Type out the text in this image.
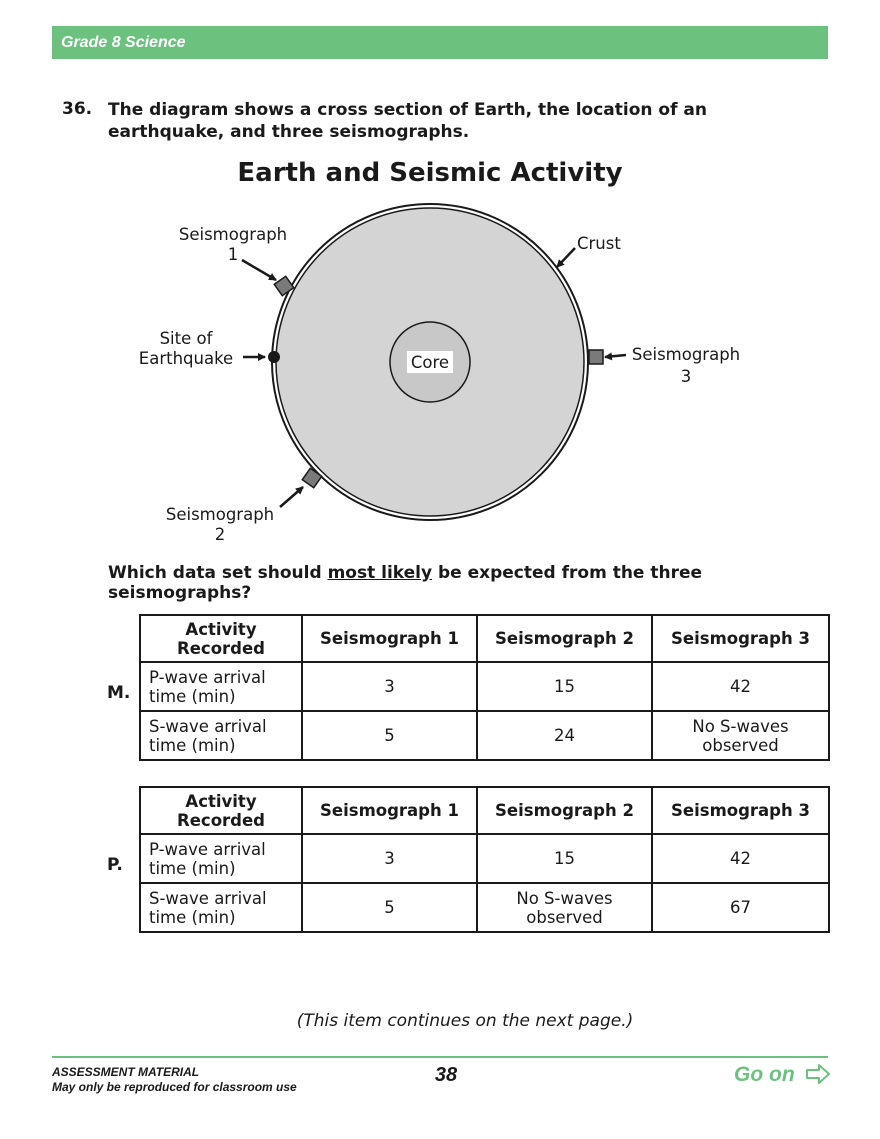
Grade 8 Science
36. The diagram shows a cross section of Earth, the location of an
earthquake, and three seismographs.
Earth and Seismic Activity
Core
Seismograph
1
Crust
Site of
Earthquake	Seismograph
3
Seismograph
2
Which data set should most likely be expected from the three seismographs?
M.
Activity Recorded	Seismograph 1	Seismograph 2	Seismograph 3
P-wave arrival time (min)	3	15	42
S-wave arrival time (min)	5	24	No S-waves observed
P.
Activity Recorded	Seismograph 1	Seismograph 2	Seismograph 3
P-wave arrival time (min)	3	15	42
S-wave arrival time (min)	5	No S-waves observed	67
(This item continues on the next page.)
ASSESSMENT MATERIAL
May only be reproduced for classroom use
38	Go on
